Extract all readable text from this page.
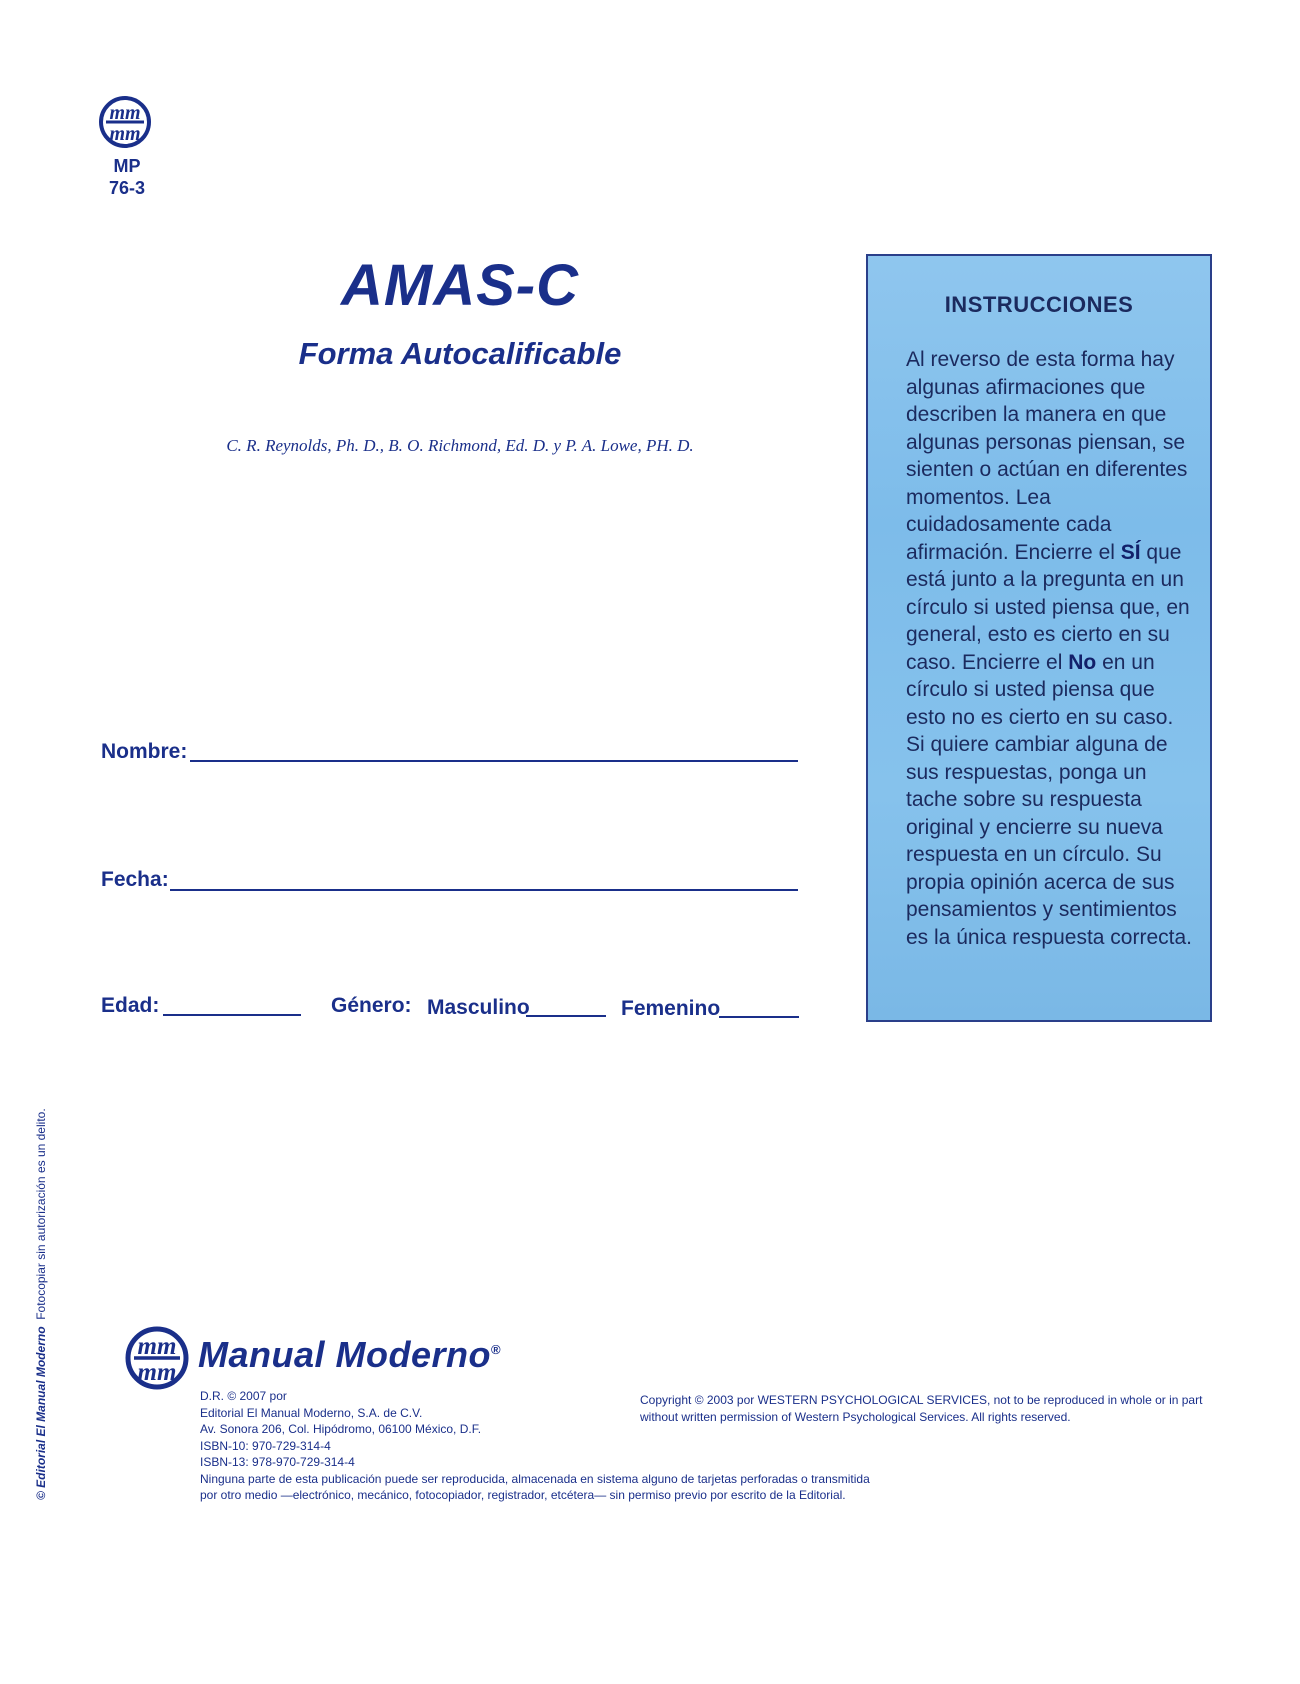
mm
mm
MP
76-3
AMAS-C
Forma Autocalificable
C. R. Reynolds, Ph. D., B. O. Richmond, Ed. D. y P. A. Lowe, PH. D.
Nombre:
Fecha:
Edad:	Género: Masculino	Femenino
INSTRUCCIONES
Al reverso de esta forma hay algunas afirmaciones que describen la manera en que algunas personas piensan, se sienten o actúan en diferentes momentos. Lea cuidadosamente cada afirmación. Encierre el SÍ que está junto a la pregunta en un círculo si usted piensa que, en general, esto es cierto en su caso. Encierre el No en un círculo si usted piensa que esto no es cierto en su caso. Si quiere cambiar alguna de sus respuestas, ponga un tache sobre su respuesta original y encierre su nueva respuesta en un círculo. Su propia opinión acerca de sus pensamientos y sentimientos es la única respuesta correcta.
© Editorial El Manual Moderno  Fotocopiar sin autorización es un delito.
mm
mm Manual Moderno®
D.R. © 2007 por
Editorial El Manual Moderno, S.A. de C.V.
Av. Sonora 206, Col. Hipódromo, 06100 México, D.F.
ISBN-10: 970-729-314-4
ISBN-13: 978-970-729-314-4
Ninguna parte de esta publicación puede ser reproducida, almacenada en sistema alguno de tarjetas perforadas o transmitida
por otro medio —electrónico, mecánico, fotocopiador, registrador, etcétera— sin permiso previo por escrito de la Editorial.
Copyright © 2003 por WESTERN PSYCHOLOGICAL SERVICES, not to be reproduced in whole or in part without written permission of Western Psychological Services. All rights reserved.
